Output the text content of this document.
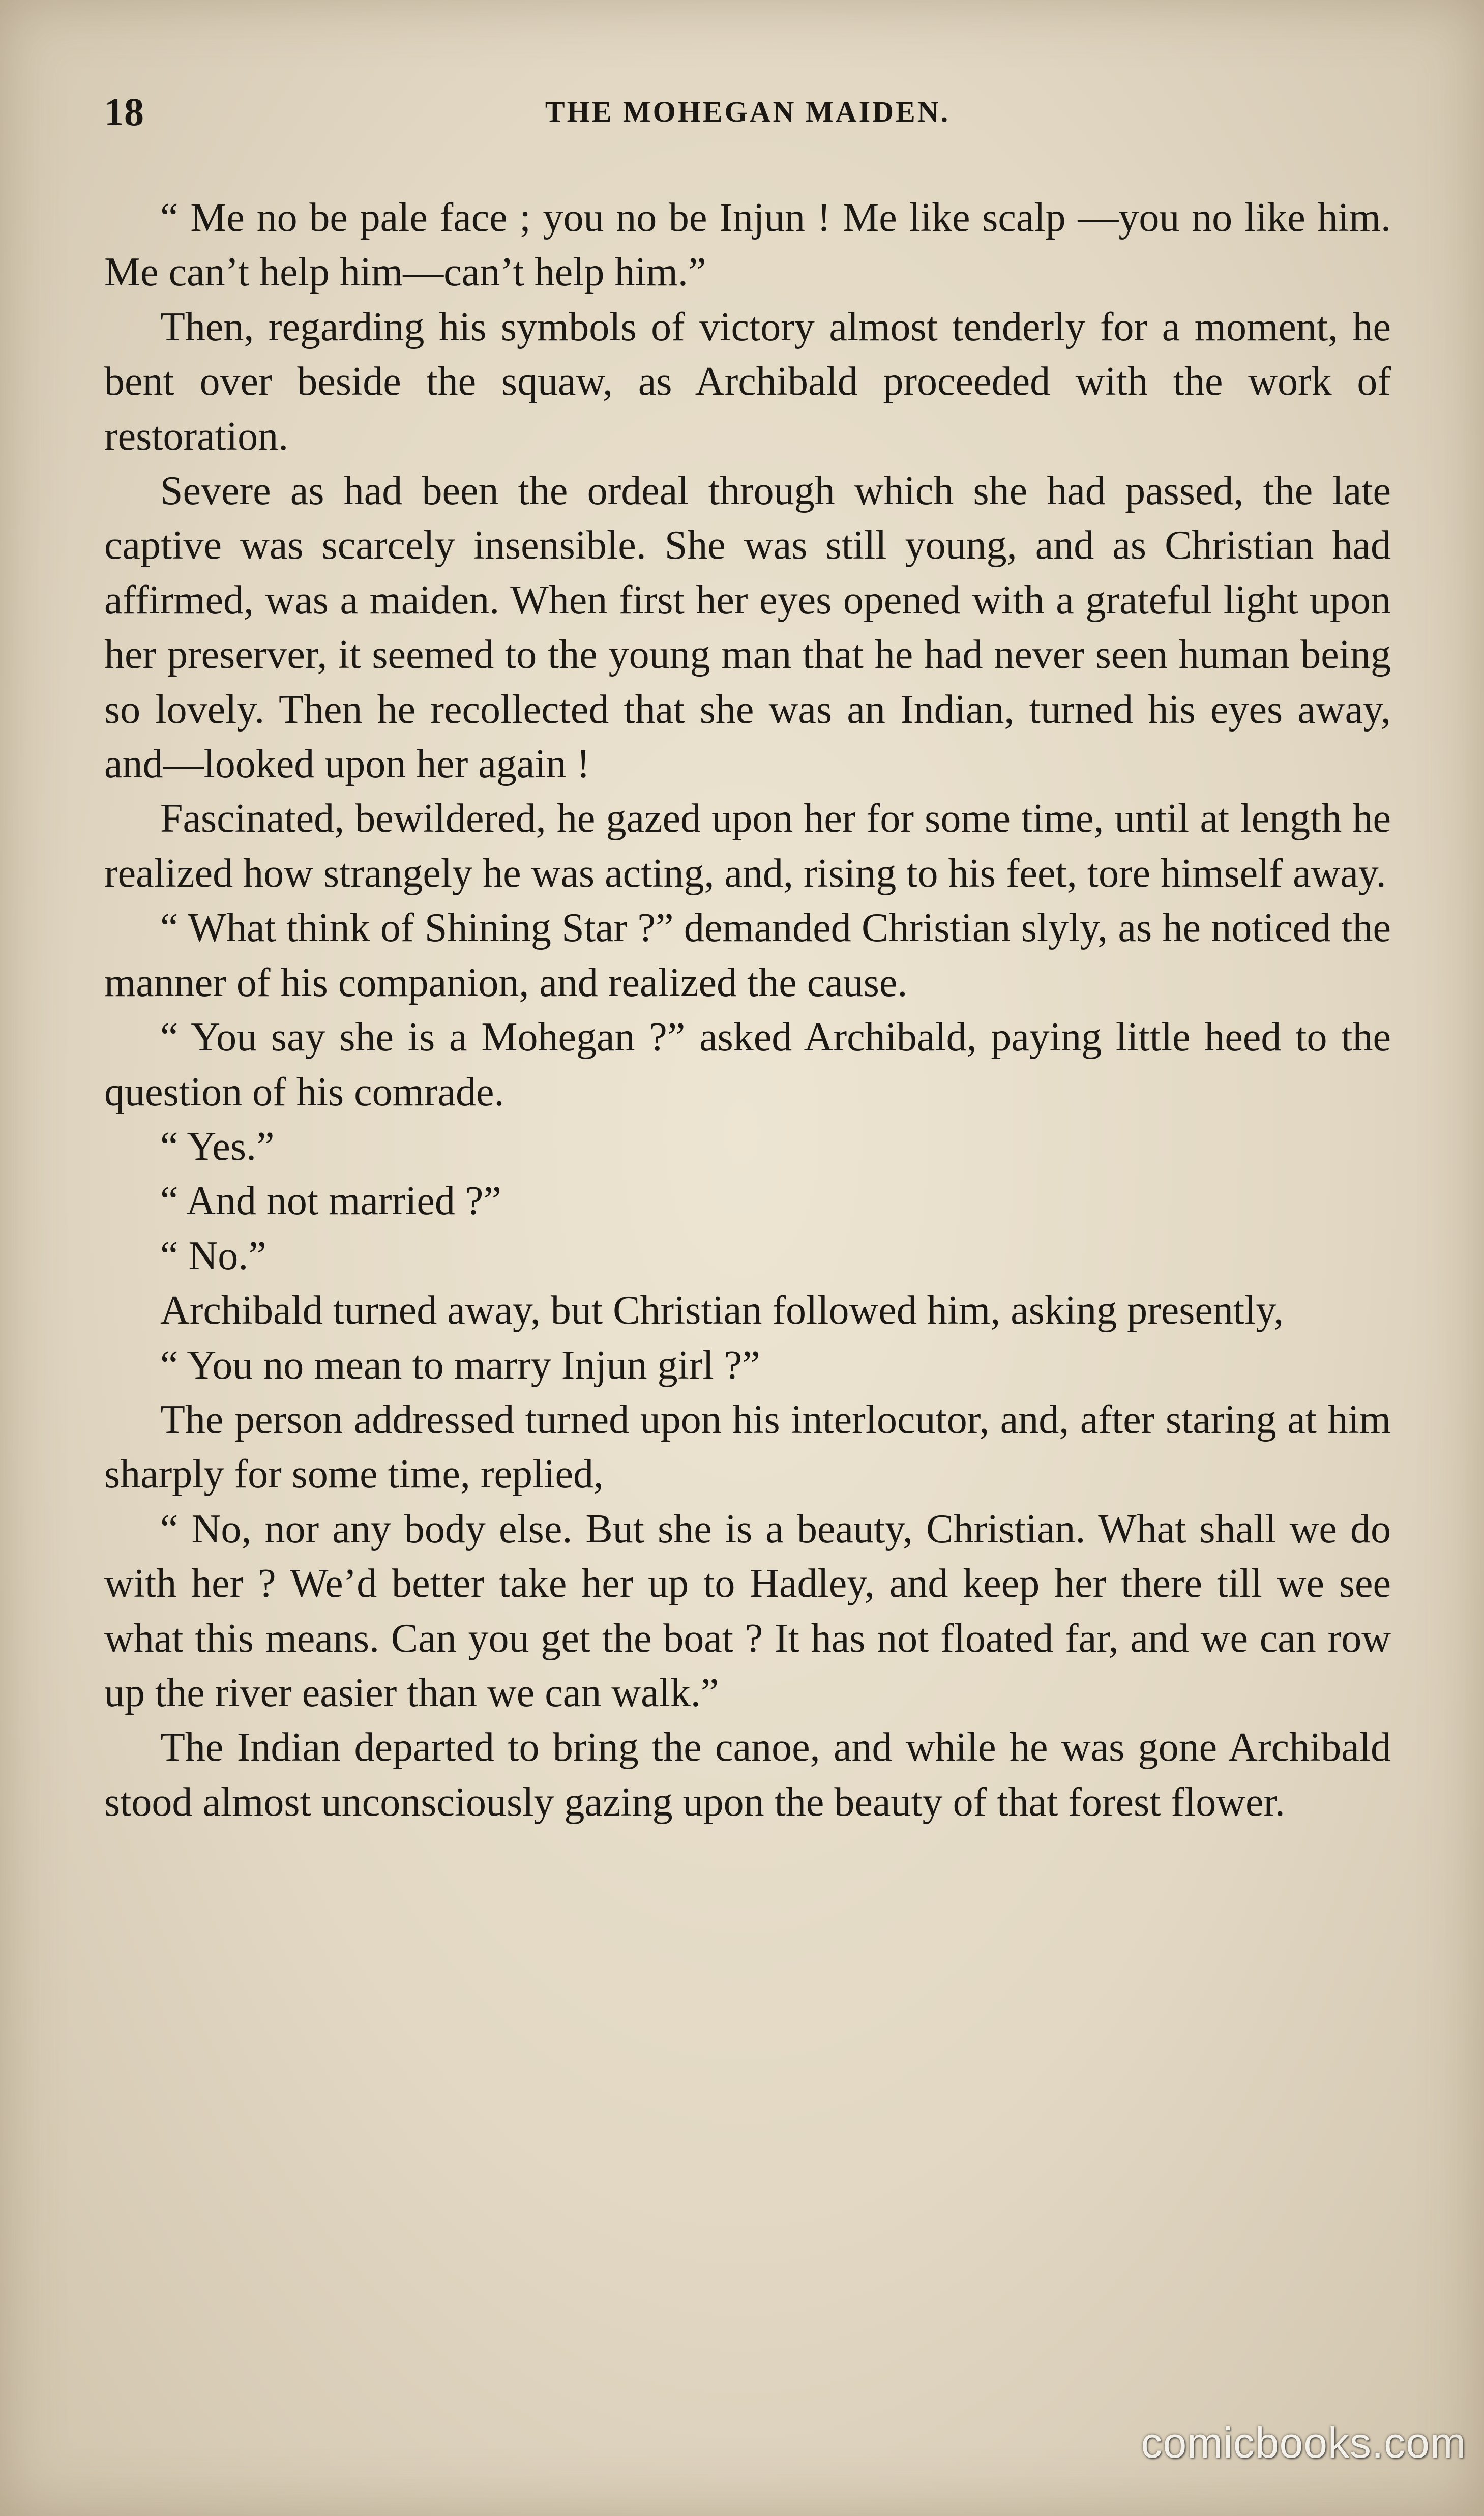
18	THE MOHEGAN MAIDEN.

“ Me no be pale face ; you no be Injun ! Me like scalp —you no like him. Me can’t help him—can’t help him.”

Then, regarding his symbols of victory almost tenderly for a moment, he bent over beside the squaw, as Archibald proceeded with the work of restoration.

Severe as had been the ordeal through which she had passed, the late captive was scarcely insensible. She was still young, and as Christian had affirmed, was a maiden. When first her eyes opened with a grateful light upon her preserver, it seemed to the young man that he had never seen human being so lovely. Then he recollected that she was an Indian, turned his eyes away, and—looked upon her again !

Fascinated, bewildered, he gazed upon her for some time, until at length he realized how strangely he was acting, and, rising to his feet, tore himself away.

“ What think of Shining Star ?” demanded Christian slyly, as he noticed the manner of his companion, and realized the cause.

“ You say she is a Mohegan ?” asked Archibald, paying little heed to the question of his comrade.

“ Yes.”

“ And not married ?”

“ No.”

Archibald turned away, but Christian followed him, asking presently,

“ You no mean to marry Injun girl ?”

The person addressed turned upon his interlocutor, and, after staring at him sharply for some time, replied,

“ No, nor any body else. But she is a beauty, Christian. What shall we do with her ? We’d better take her up to Hadley, and keep her there till we see what this means. Can you get the boat ? It has not floated far, and we can row up the river easier than we can walk.”

The Indian departed to bring the canoe, and while he was gone Archibald stood almost unconsciously gazing upon the beauty of that forest flower.

comicbooks.com
